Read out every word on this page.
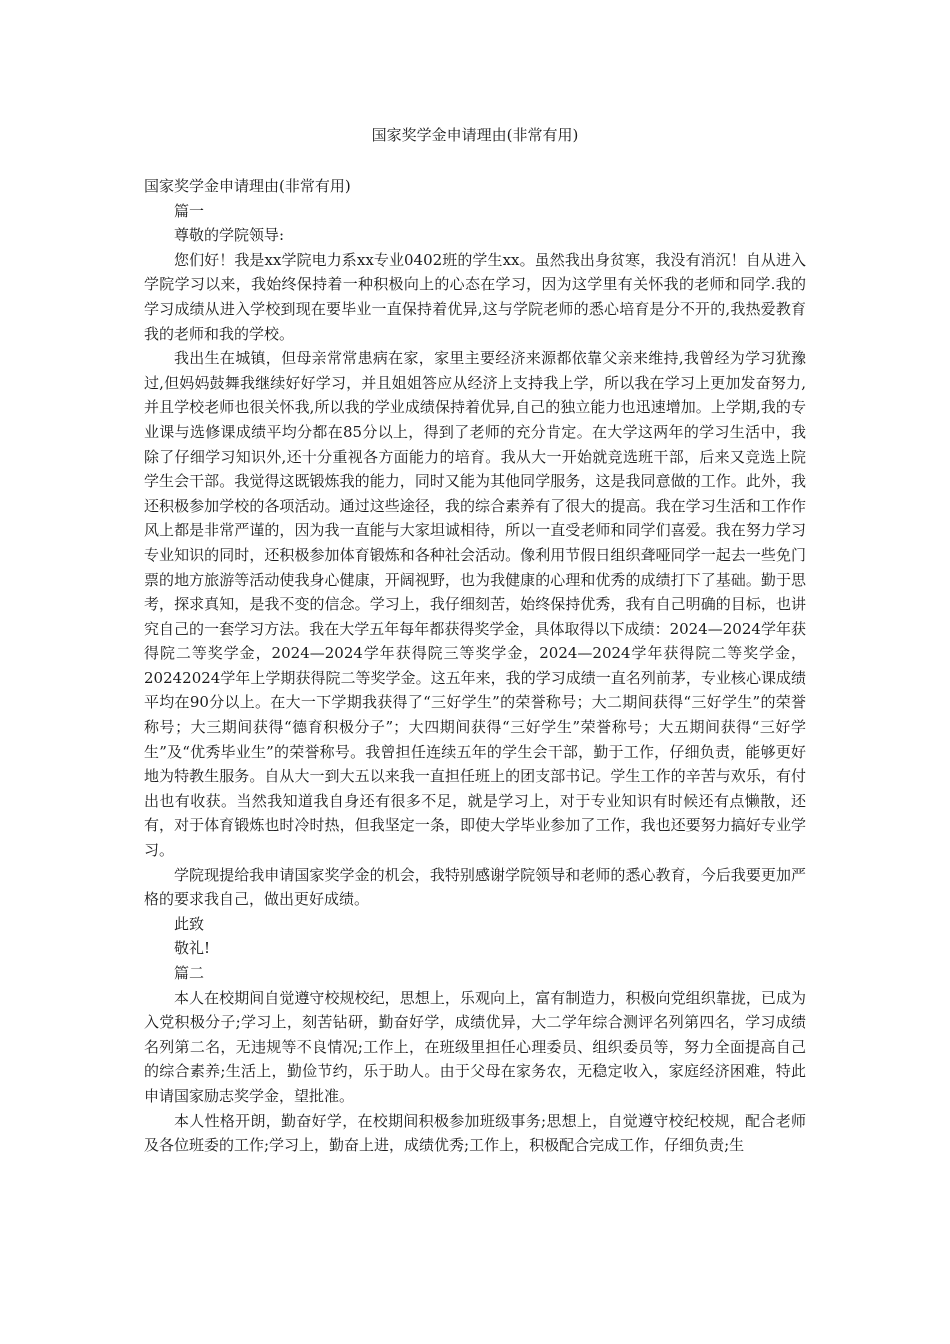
国家奖学金申请理由(非常有用)

国家奖学金申请理由(非常有用)

篇一

尊敬的学院领导:

您们好！我是xx学院电力系xx专业0402班的学生xx。虽然我出身贫寒，我没有消沉！自从进入学院学习以来，我始终保持着一种积极向上的心态在学习，因为这学里有关怀我的老师和同学.我的学习成绩从进入学校到现在要毕业一直保持着优异,这与学院老师的悉心培育是分不开的,我热爱教育我的老师和我的学校。

我出生在城镇，但母亲常常患病在家，家里主要经济来源都依靠父亲来维持,我曾经为学习犹豫过,但妈妈鼓舞我继续好好学习，并且姐姐答应从经济上支持我上学，所以我在学习上更加发奋努力,并且学校老师也很关怀我,所以我的学业成绩保持着优异,自己的独立能力也迅速增加。上学期,我的专业课与选修课成绩平均分都在85分以上，得到了老师的充分肯定。在大学这两年的学习生活中，我除了仔细学习知识外,还十分重视各方面能力的培育。我从大一开始就竞选班干部，后来又竞选上院学生会干部。我觉得这既锻炼我的能力，同时又能为其他同学服务，这是我同意做的工作。此外，我还积极参加学校的各项活动。通过这些途径，我的综合素养有了很大的提高。我在学习生活和工作作风上都是非常严谨的，因为我一直能与大家坦诚相待，所以一直受老师和同学们喜爱。我在努力学习专业知识的同时，还积极参加体育锻炼和各种社会活动。像利用节假日组织聋哑同学一起去一些免门票的地方旅游等活动使我身心健康，开阔视野，也为我健康的心理和优秀的成绩打下了基础。勤于思考，探求真知，是我不变的信念。学习上，我仔细刻苦，始终保持优秀，我有自己明确的目标，也讲究自己的一套学习方法。我在大学五年每年都获得奖学金，具体取得以下成绩：2024—2024学年获得院二等奖学金，2024—2024学年获得院三等奖学金，2024—2024学年获得院二等奖学金，20242024学年上学期获得院二等奖学金。这五年来，我的学习成绩一直名列前茅，专业核心课成绩平均在90分以上。在大一下学期我获得了“三好学生”的荣誉称号；大二期间获得“三好学生”的荣誉称号；大三期间获得“德育积极分子”；大四期间获得“三好学生”荣誉称号；大五期间获得“三好学生”及“优秀毕业生”的荣誉称号。我曾担任连续五年的学生会干部，勤于工作，仔细负责，能够更好地为特教生服务。自从大一到大五以来我一直担任班上的团支部书记。学生工作的辛苦与欢乐，有付出也有收获。当然我知道我自身还有很多不足，就是学习上，对于专业知识有时候还有点懒散，还有，对于体育锻炼也时冷时热，但我坚定一条，即使大学毕业参加了工作，我也还要努力搞好专业学习。

学院现提给我申请国家奖学金的机会，我特别感谢学院领导和老师的悉心教育，今后我要更加严格的要求我自己，做出更好成绩。

此致

敬礼!

篇二

本人在校期间自觉遵守校规校纪，思想上，乐观向上，富有制造力，积极向党组织靠拢，已成为入党积极分子;学习上，刻苦钻研，勤奋好学，成绩优异，大二学年综合测评名列第四名，学习成绩名列第二名，无违规等不良情况;工作上，在班级里担任心理委员、组织委员等，努力全面提高自己的综合素养;生活上，勤俭节约，乐于助人。由于父母在家务农，无稳定收入，家庭经济困难，特此申请国家励志奖学金，望批准。

本人性格开朗，勤奋好学，在校期间积极参加班级事务;思想上，自觉遵守校纪校规，配合老师及各位班委的工作;学习上，勤奋上进，成绩优秀;工作上，积极配合完成工作，仔细负责;生
